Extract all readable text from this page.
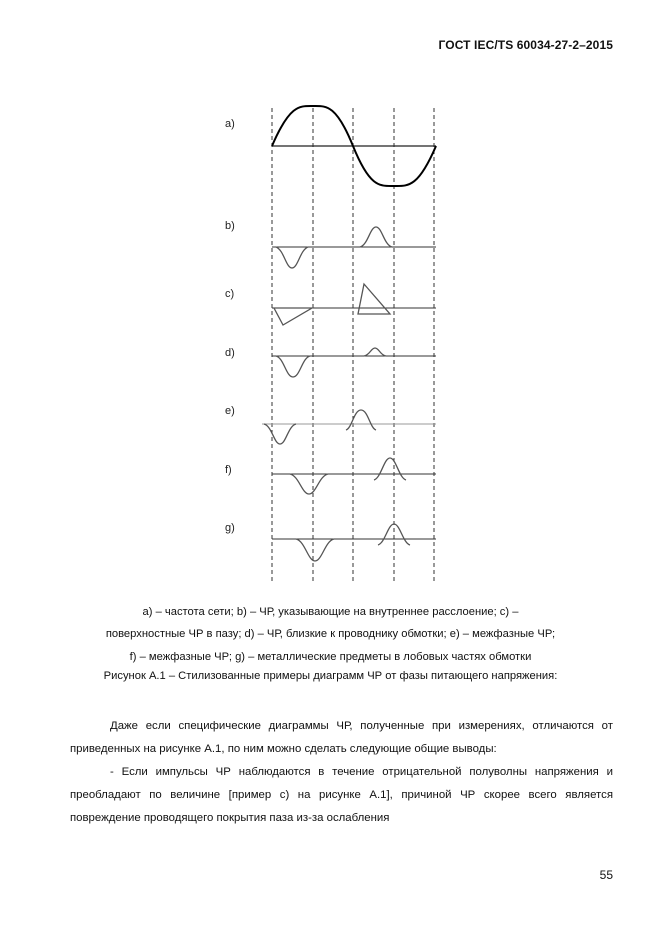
ГОСТ IEC/TS 60034-27-2–2015
a)
b)
c)
d)
e)
f)
g)
a) – частота сети; b) – ЧР, указывающие на внутреннее расслоение; c) –
поверхностные ЧР в пазу; d) – ЧР, близкие к проводнику обмотки; e) – межфазные ЧР;
f) – межфазные ЧР; g) – металлические предметы в лобовых частях обмотки
Рисунок А.1 – Стилизованные примеры диаграмм ЧР от фазы питающего напряжения:

Даже если специфические диаграммы ЧР, полученные при измерениях, отличаются от приведенных на рисунке А.1, по ним можно сделать следующие общие выводы:

- Если импульсы ЧР наблюдаются в течение отрицательной полуволны напряжения и преобладают по величине [пример с) на рисунке А.1], причиной ЧР скорее всего является повреждение проводящего покрытия паза из-за ослабления

55
